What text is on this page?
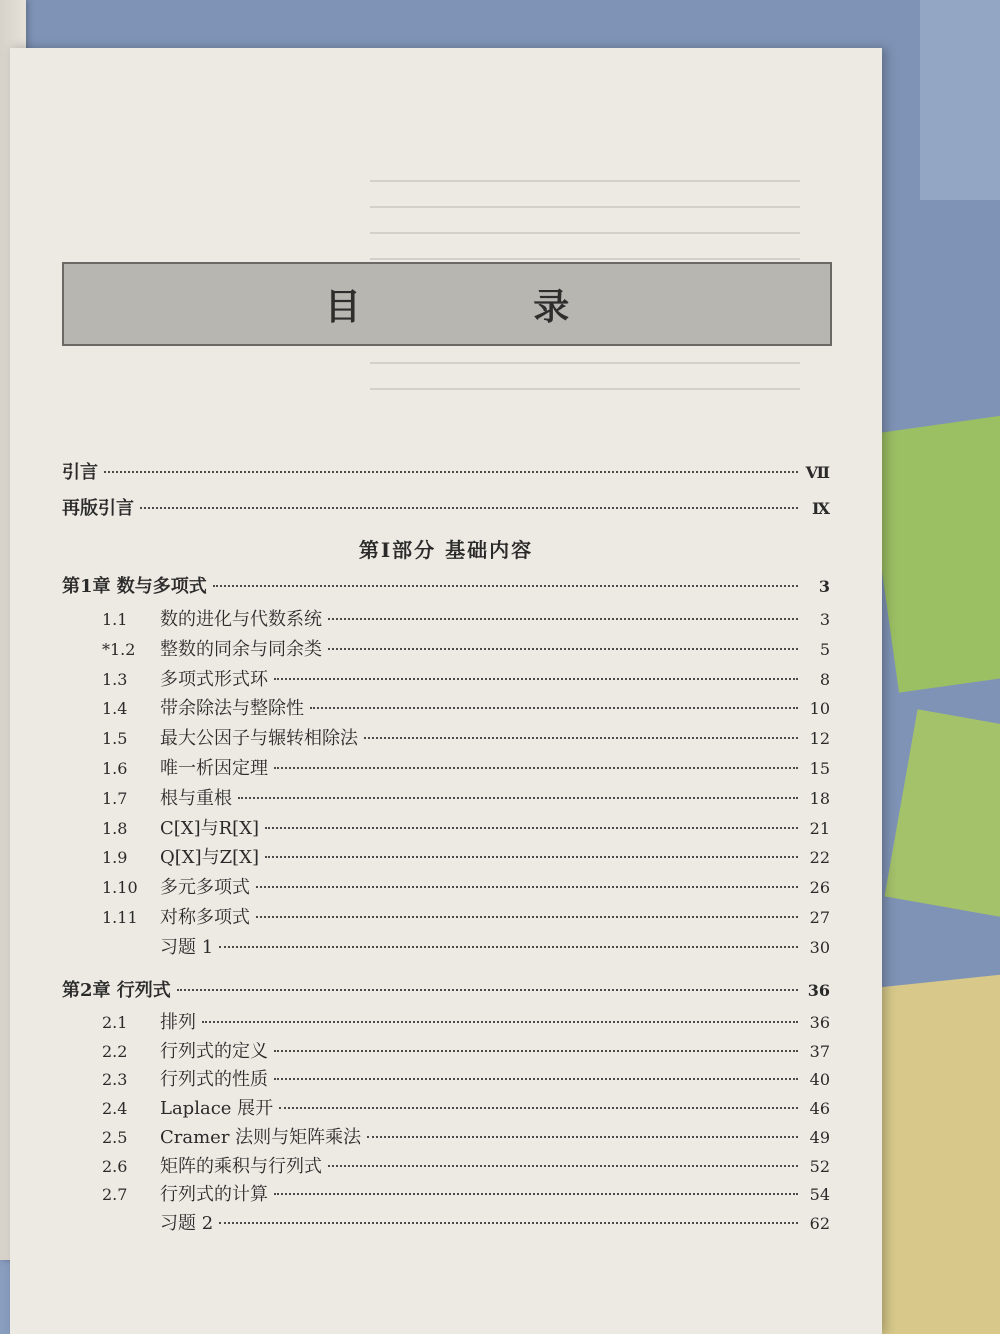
目 录
引言	Ⅶ
再版引言	Ⅸ
第Ⅰ部分 基础内容
第1章 数与多项式	3
1.1	数的进化与代数系统	3
*1.2	整数的同余与同余类	5
1.3	多项式形式环	8
1.4	带余除法与整除性	10
1.5	最大公因子与辗转相除法	12
1.6	唯一析因定理	15
1.7	根与重根	18
1.8	C[X]与R[X]	21
1.9	Q[X]与Z[X]	22
1.10	多元多项式	26
1.11	对称多项式	27
习题 1	30
第2章 行列式	36
2.1	排列	36
2.2	行列式的定义	37
2.3	行列式的性质	40
2.4	Laplace 展开	46
2.5	Cramer 法则与矩阵乘法	49
2.6	矩阵的乘积与行列式	52
2.7	行列式的计算	54
习题 2	62
